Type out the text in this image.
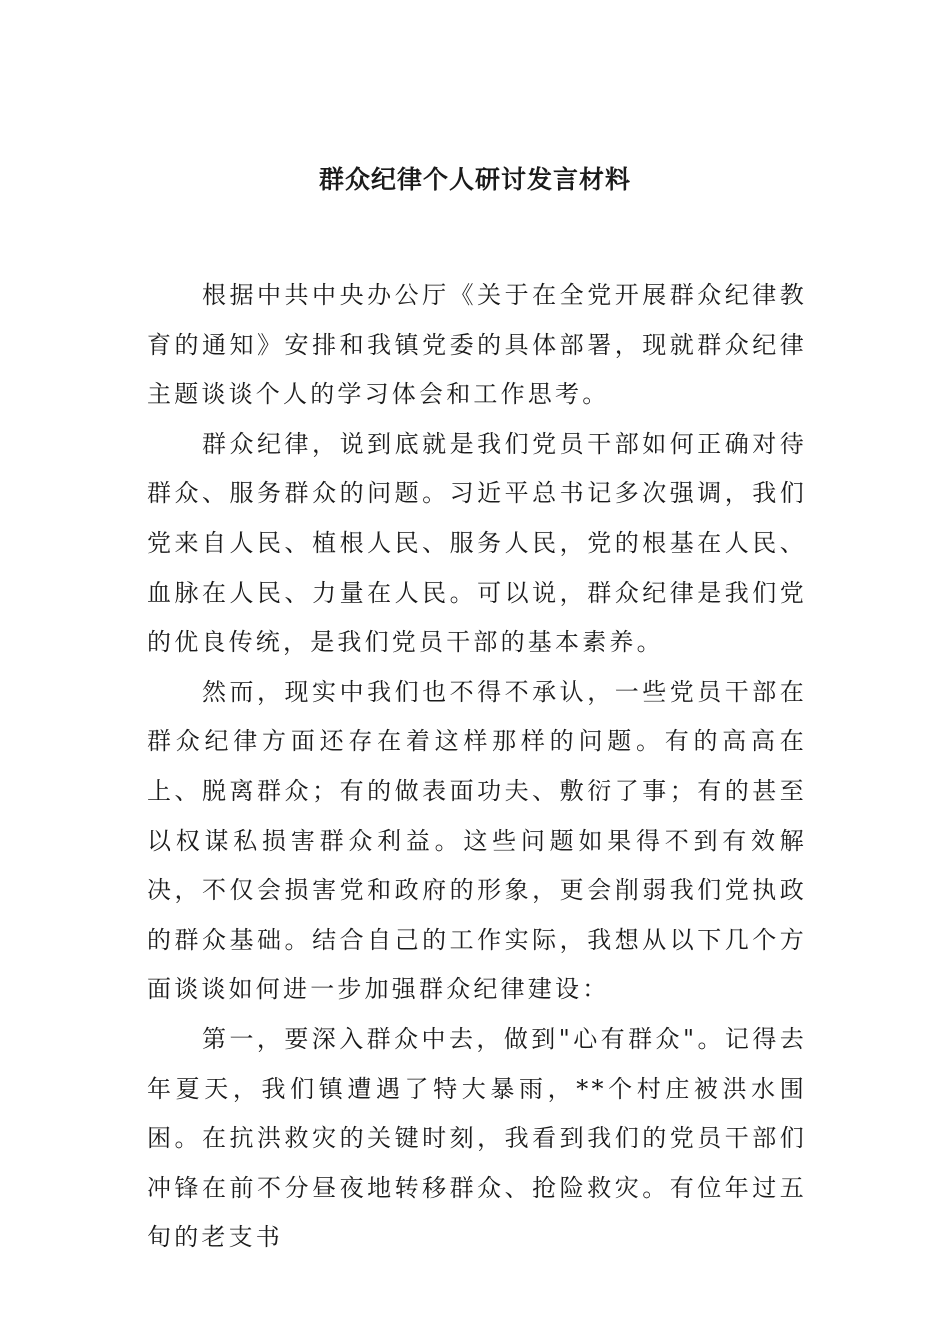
群众纪律个人研讨发言材料

根据中共中央办公厅《关于在全党开展群众纪律教育的通知》安排和我镇党委的具体部署，现就群众纪律主题谈谈个人的学习体会和工作思考。

群众纪律，说到底就是我们党员干部如何正确对待群众、服务群众的问题。习近平总书记多次强调，我们党来自人民、植根人民、服务人民，党的根基在人民、血脉在人民、力量在人民。可以说，群众纪律是我们党的优良传统，是我们党员干部的基本素养。

然而，现实中我们也不得不承认，一些党员干部在群众纪律方面还存在着这样那样的问题。有的高高在上、脱离群众；有的做表面功夫、敷衍了事；有的甚至以权谋私损害群众利益。这些问题如果得不到有效解决，不仅会损害党和政府的形象，更会削弱我们党执政的群众基础。结合自己的工作实际，我想从以下几个方面谈谈如何进一步加强群众纪律建设：

第一，要深入群众中去，做到"心有群众"。记得去年夏天，我们镇遭遇了特大暴雨，**个村庄被洪水围困。在抗洪救灾的关键时刻，我看到我们的党员干部们冲锋在前不分昼夜地转移群众、抢险救灾。有位年过五旬的老支书
